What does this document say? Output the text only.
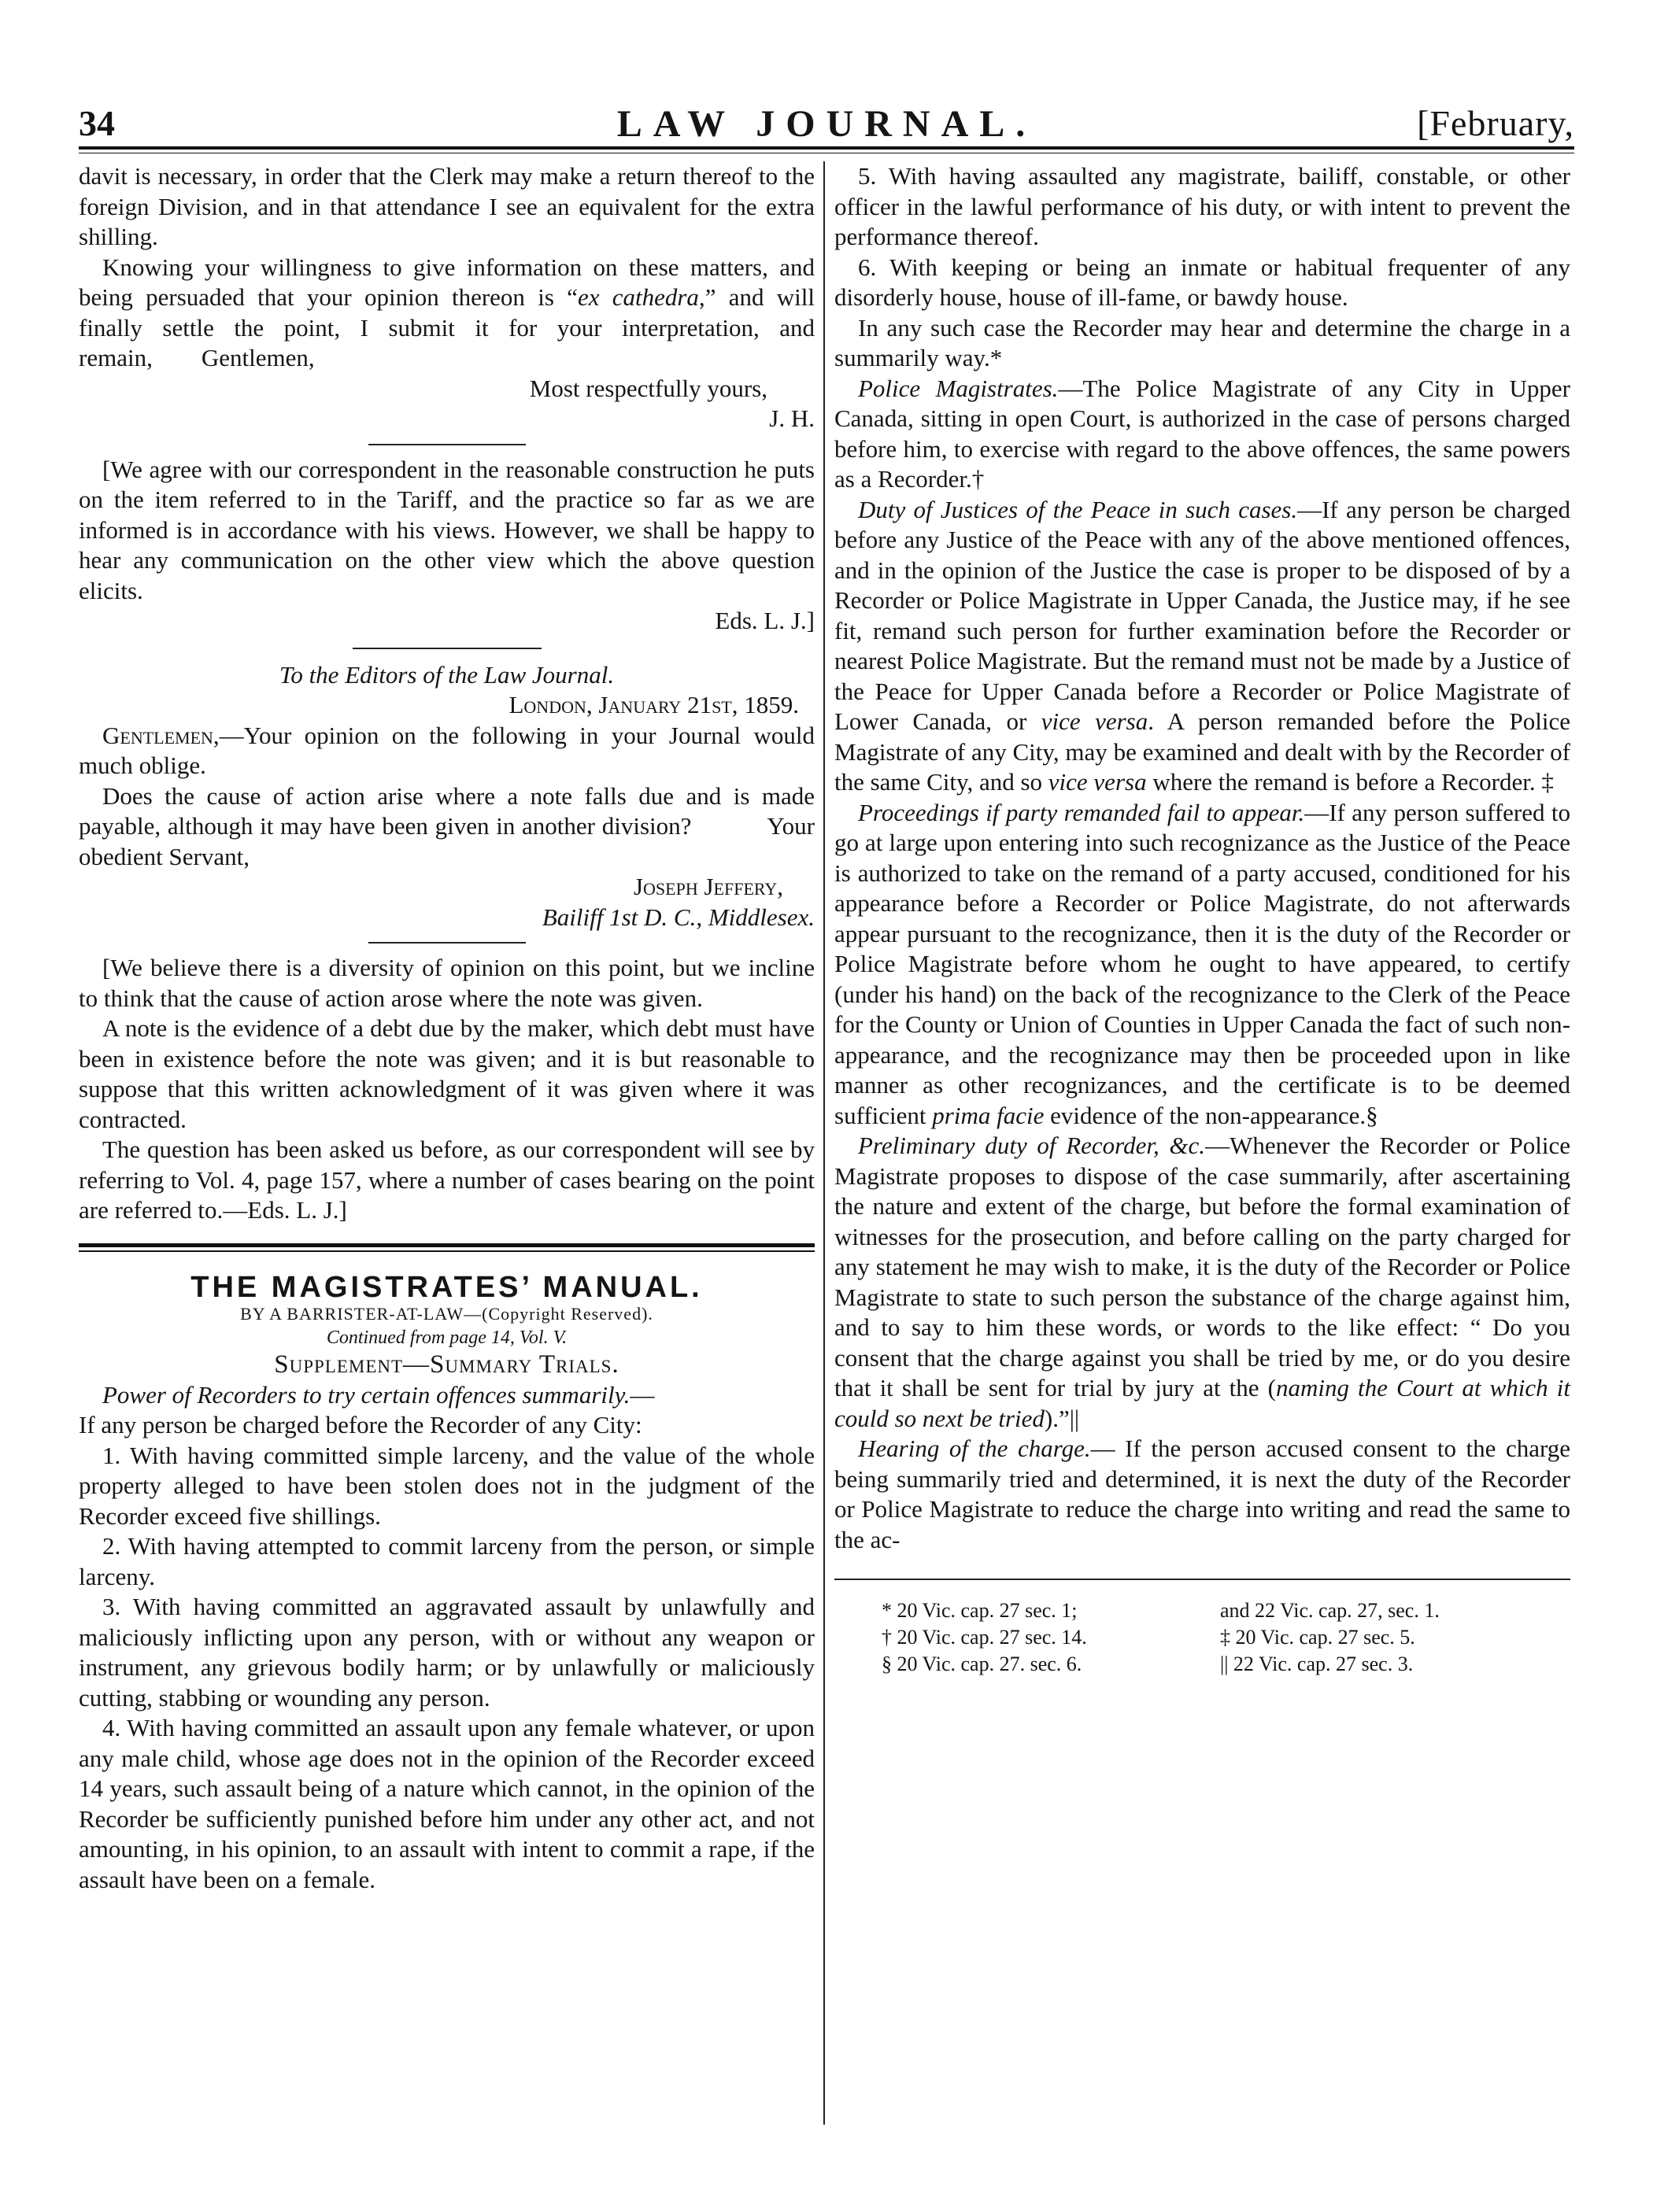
34	LAW JOURNAL.	[February,

davit is necessary, in order that the Clerk may make a return thereof to the foreign Division, and in that attendance I see an equivalent for the extra shilling.

Knowing your willingness to give information on these matters, and being persuaded that your opinion thereon is “ex cathedra,” and will finally settle the point, I submit it for your interpretation, and remain, Gentlemen,

Most respectfully yours,

J. H.

[We agree with our correspondent in the reasonable construction he puts on the item referred to in the Tariff, and the practice so far as we are informed is in accordance with his views. However, we shall be happy to hear any communication on the other view which the above question elicits.

Eds. L. J.]

To the Editors of the Law Journal.

London, January 21st, 1859.

Gentlemen,—Your opinion on the following in your Journal would much oblige.

Does the cause of action arise where a note falls due and is made payable, although it may have been given in another division?	Your obedient Servant,

Joseph Jeffery,

Bailiff 1st D. C., Middlesex.

[We believe there is a diversity of opinion on this point, but we incline to think that the cause of action arose where the note was given.

A note is the evidence of a debt due by the maker, which debt must have been in existence before the note was given; and it is but reasonable to suppose that this written acknowledgment of it was given where it was contracted.

The question has been asked us before, as our correspondent will see by referring to Vol. 4, page 157, where a number of cases bearing on the point are referred to.—Eds. L. J.]

THE MAGISTRATES’ MANUAL.

BY A BARRISTER-AT-LAW—(Copyright Reserved).

Continued from page 14, Vol. V.

Supplement—Summary Trials.

Power of Recorders to try certain offences summarily.—

If any person be charged before the Recorder of any City:

1. With having committed simple larceny, and the value of the whole property alleged to have been stolen does not in the judgment of the Recorder exceed five shillings.

2. With having attempted to commit larceny from the person, or simple larceny.

3. With having committed an aggravated assault by unlawfully and maliciously inflicting upon any person, with or without any weapon or instrument, any grievous bodily harm; or by unlawfully or maliciously cutting, stabbing or wounding any person.

4. With having committed an assault upon any female whatever, or upon any male child, whose age does not in the opinion of the Recorder exceed 14 years, such assault being of a nature which cannot, in the opinion of the Recorder be sufficiently punished before him under any other act, and not amounting, in his opinion, to an assault with intent to commit a rape, if the assault have been on a female.

5. With having assaulted any magistrate, bailiff, constable, or other officer in the lawful performance of his duty, or with intent to prevent the performance thereof.

6. With keeping or being an inmate or habitual frequenter of any disorderly house, house of ill-fame, or bawdy house.

In any such case the Recorder may hear and determine the charge in a summarily way.*

Police Magistrates.—The Police Magistrate of any City in Upper Canada, sitting in open Court, is authorized in the case of persons charged before him, to exercise with regard to the above offences, the same powers as a Recorder.†

Duty of Justices of the Peace in such cases.—If any person be charged before any Justice of the Peace with any of the above mentioned offences, and in the opinion of the Justice the case is proper to be disposed of by a Recorder or Police Magistrate in Upper Canada, the Justice may, if he see fit, remand such person for further examination before the Recorder or nearest Police Magistrate. But the remand must not be made by a Justice of the Peace for Upper Canada before a Recorder or Police Magistrate of Lower Canada, or vice versa. A person remanded before the Police Magistrate of any City, may be examined and dealt with by the Recorder of the same City, and so vice versa where the remand is before a Recorder. ‡

Proceedings if party remanded fail to appear.—If any person suffered to go at large upon entering into such recognizance as the Justice of the Peace is authorized to take on the remand of a party accused, conditioned for his appearance before a Recorder or Police Magistrate, do not afterwards appear pursuant to the recognizance, then it is the duty of the Recorder or Police Magistrate before whom he ought to have appeared, to certify (under his hand) on the back of the recognizance to the Clerk of the Peace for the County or Union of Counties in Upper Canada the fact of such non-appearance, and the recognizance may then be proceeded upon in like manner as other recognizances, and the certificate is to be deemed sufficient prima facie evidence of the non-appearance.§

Preliminary duty of Recorder, &c.—Whenever the Recorder or Police Magistrate proposes to dispose of the case summarily, after ascertaining the nature and extent of the charge, but before the formal examination of witnesses for the prosecution, and before calling on the party charged for any statement he may wish to make, it is the duty of the Recorder or Police Magistrate to state to such person the substance of the charge against him, and to say to him these words, or words to the like effect: “ Do you consent that the charge against you shall be tried by me, or do you desire that it shall be sent for trial by jury at the (naming the Court at which it could so next be tried).”||

Hearing of the charge.— If the person accused consent to the charge being summarily tried and determined, it is next the duty of the Recorder or Police Magistrate to reduce the charge into writing and read the same to the ac-

* 20 Vic. cap. 27 sec. 1;	and 22 Vic. cap. 27, sec. 1.
† 20 Vic. cap. 27 sec. 14.	‡ 20 Vic. cap. 27 sec. 5.
§ 20 Vic. cap. 27. sec. 6.	|| 22 Vic. cap. 27 sec. 3.
